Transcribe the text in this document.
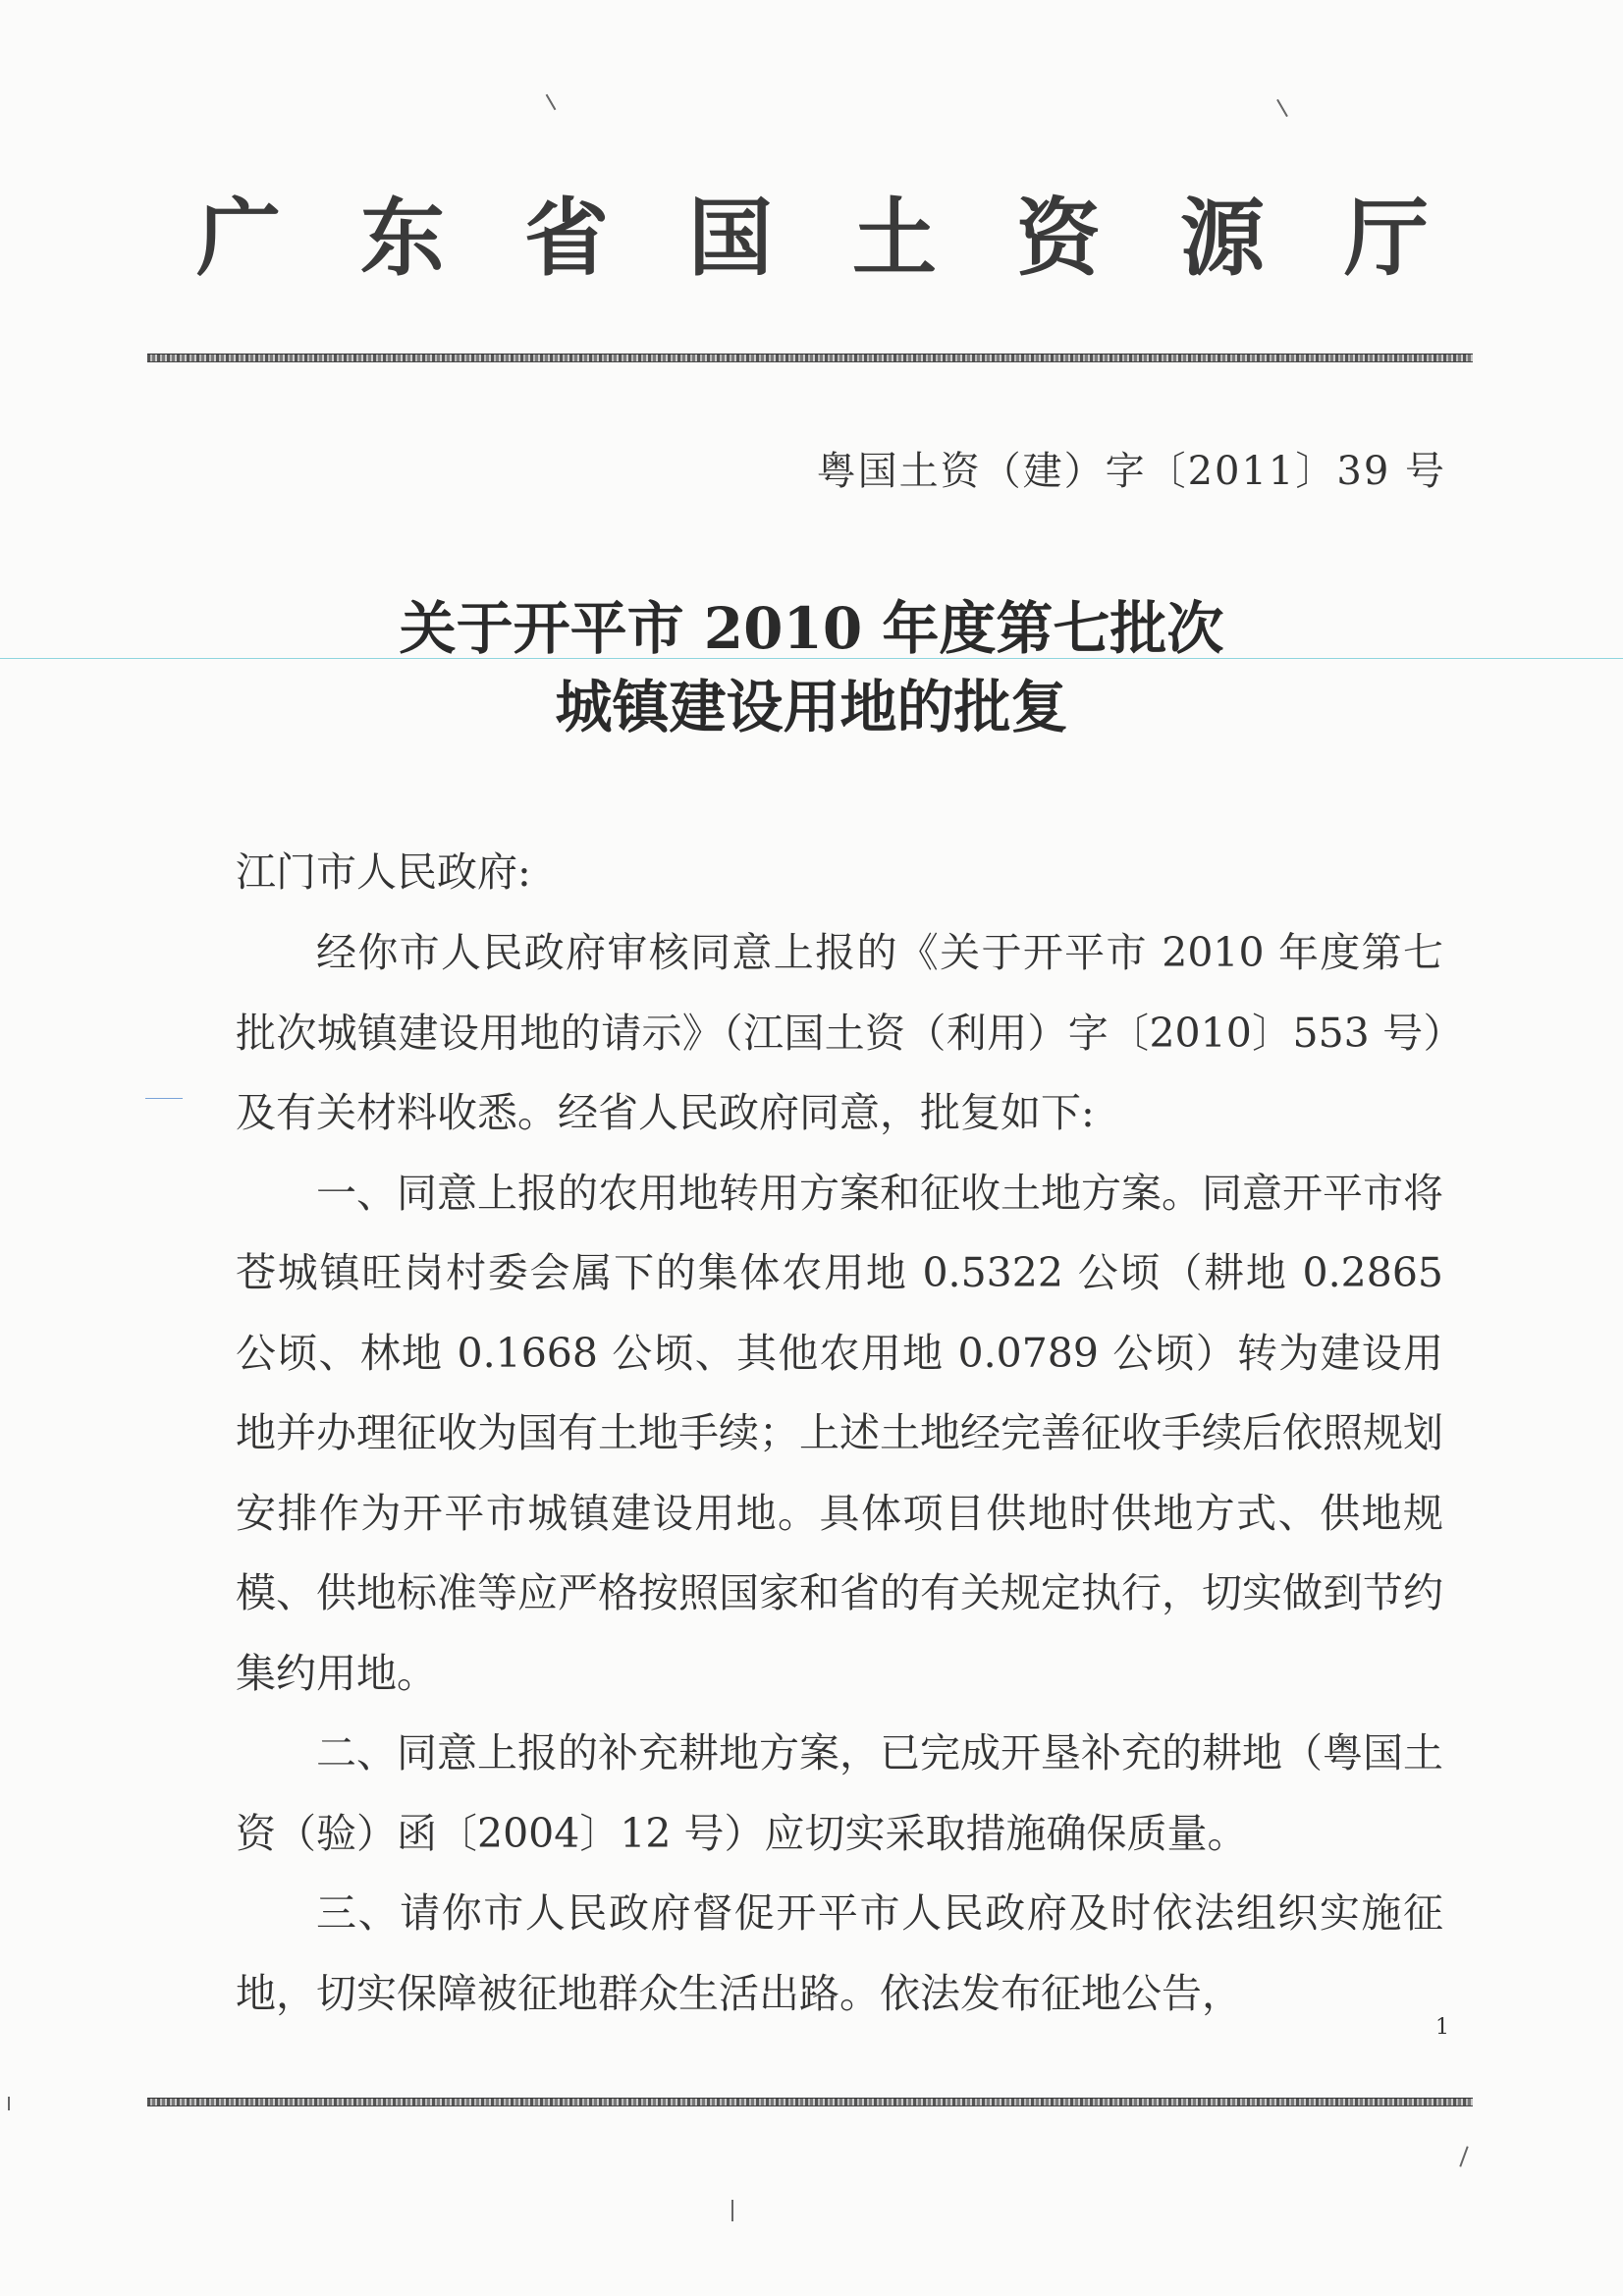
广 东 省 国 土 资 源 厅
粤国土资（建）字〔2011〕39 号
关于开平市 2010 年度第七批次
城镇建设用地的批复
江门市人民政府:

经你市人民政府审核同意上报的《关于开平市 2010 年度第七批次城镇建设用地的请示》（江国土资（利用）字〔2010〕553 号）及有关材料收悉。经省人民政府同意，批复如下:

一、同意上报的农用地转用方案和征收土地方案。同意开平市将苍城镇旺岗村委会属下的集体农用地 0.5322 公顷（耕地 0.2865 公顷、林地 0.1668 公顷、其他农用地 0.0789 公顷）转为建设用地并办理征收为国有土地手续；上述土地经完善征收手续后依照规划安排作为开平市城镇建设用地。具体项目供地时供地方式、供地规模、供地标准等应严格按照国家和省的有关规定执行，切实做到节约集约用地。

二、同意上报的补充耕地方案，已完成开垦补充的耕地（粤国土资（验）函〔2004〕12 号）应切实采取措施确保质量。

三、请你市人民政府督促开平市人民政府及时依法组织实施征地，切实保障被征地群众生活出路。依法发布征地公告，

1
